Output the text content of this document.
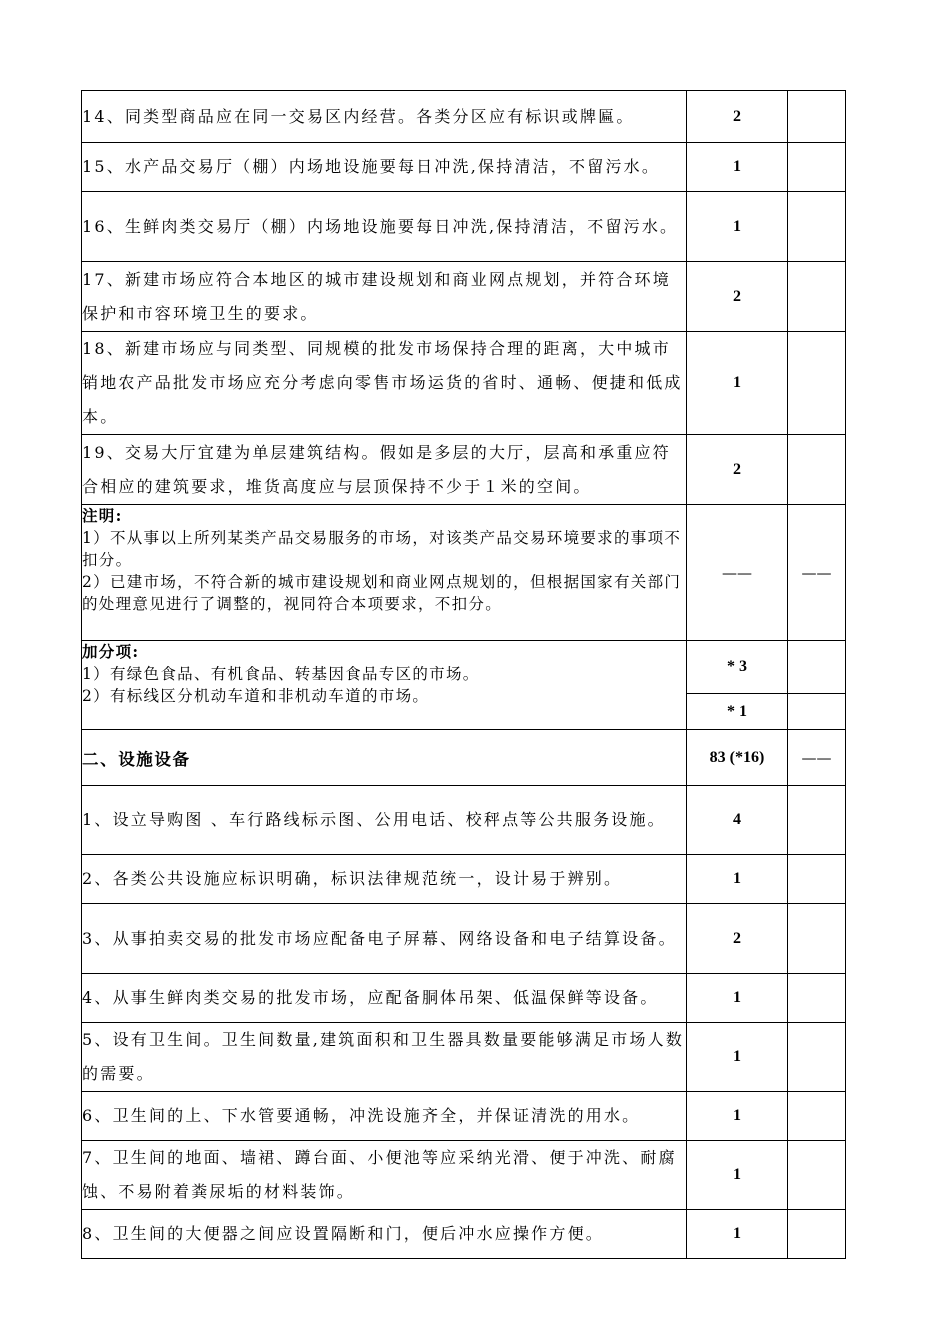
14、同类型商品应在同一交易区内经营。各类分区应有标识或牌匾。	2	
15、水产品交易厅（棚）内场地设施要每日冲洗,保持清洁，不留污水。	1	
16、生鲜肉类交易厅（棚）内场地设施要每日冲洗,保持清洁，不留污水。	1	
17、新建市场应符合本地区的城市建设规划和商业网点规划，并符合环境保护和市容环境卫生的要求。	2	
18、新建市场应与同类型、同规模的批发市场保持合理的距离，大中城市销地农产品批发市场应充分考虑向零售市场运货的省时、通畅、便捷和低成本。	1	
19、交易大厅宜建为单层建筑结构。假如是多层的大厅，层高和承重应符合相应的建筑要求，堆货高度应与层顶保持不少于１米的空间。	2	

注明:
1）不从事以上所列某类产品交易服务的市场，对该类产品交易环境要求的事项不扣分。
2）已建市场，不符合新的城市建设规划和商业网点规划的，但根据国家有关部门的处理意见进行了调整的，视同符合本项要求，不扣分。	——	——

加分项:
1）有绿色食品、有机食品、转基因食品专区的市场。
2）有标线区分机动车道和非机动车道的市场。	* 3	
	* 1	
二、设施设备	83 (*16)	——
1、设立导购图 、车行路线标示图、公用电话、校秤点等公共服务设施。	4	
2、各类公共设施应标识明确，标识法律规范统一，设计易于辨别。	1	
3、从事拍卖交易的批发市场应配备电子屏幕、网络设备和电子结算设备。	2	
4、从事生鲜肉类交易的批发市场，应配备胴体吊架、低温保鲜等设备。	1	
5、设有卫生间。卫生间数量,建筑面积和卫生器具数量要能够满足市场人数的需要。	1	
6、卫生间的上、下水管要通畅，冲洗设施齐全，并保证清洗的用水。	1	
7、卫生间的地面、墙裙、蹲台面、小便池等应采纳光滑、便于冲洗、耐腐蚀、不易附着粪尿垢的材料装饰。	1	
8、卫生间的大便器之间应设置隔断和门，便后冲水应操作方便。	1	
